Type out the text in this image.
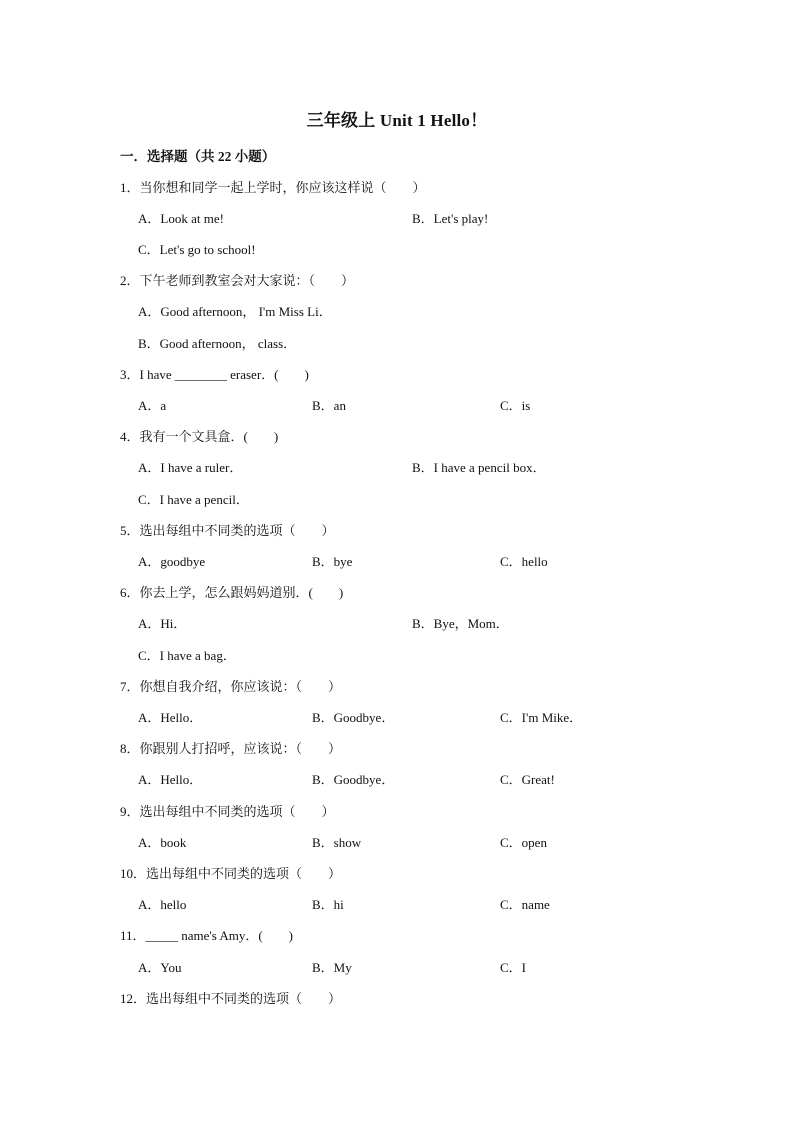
三年级上 Unit 1 Hello！
一．选择题（共 22 小题）
1．当你想和同学一起上学时，你应该这样说（　　）
A．Look at me!	B．Let's play!
C．Let's go to school!
2．下午老师到教室会对大家说：（　　）
A．Good afternoon， I'm Miss Li．
B．Good afternoon， class．
3．I have ________ eraser．(　　)
A．a	B．an	C．is
4．我有一个文具盒．(　　)
A．I have a ruler．	B．I have a pencil box．
C．I have a pencil．
5．选出每组中不同类的选项（　　）
A．goodbye	B．bye	C．hello
6．你去上学，怎么跟妈妈道别．(　　)
A．Hi．	B．Bye，Mom．
C．I have a bag．
7．你想自我介绍，你应该说：（　　）
A．Hello．	B．Goodbye．	C．I'm Mike．
8．你跟别人打招呼，应该说：（　　）
A．Hello．	B．Goodbye．	C．Great!
9．选出每组中不同类的选项（　　）
A．book	B．show	C．open
10．选出每组中不同类的选项（　　）
A．hello	B．hi	C．name
11．_____ name's Amy．(　　)
A．You	B．My	C．I
12．选出每组中不同类的选项（　　）
